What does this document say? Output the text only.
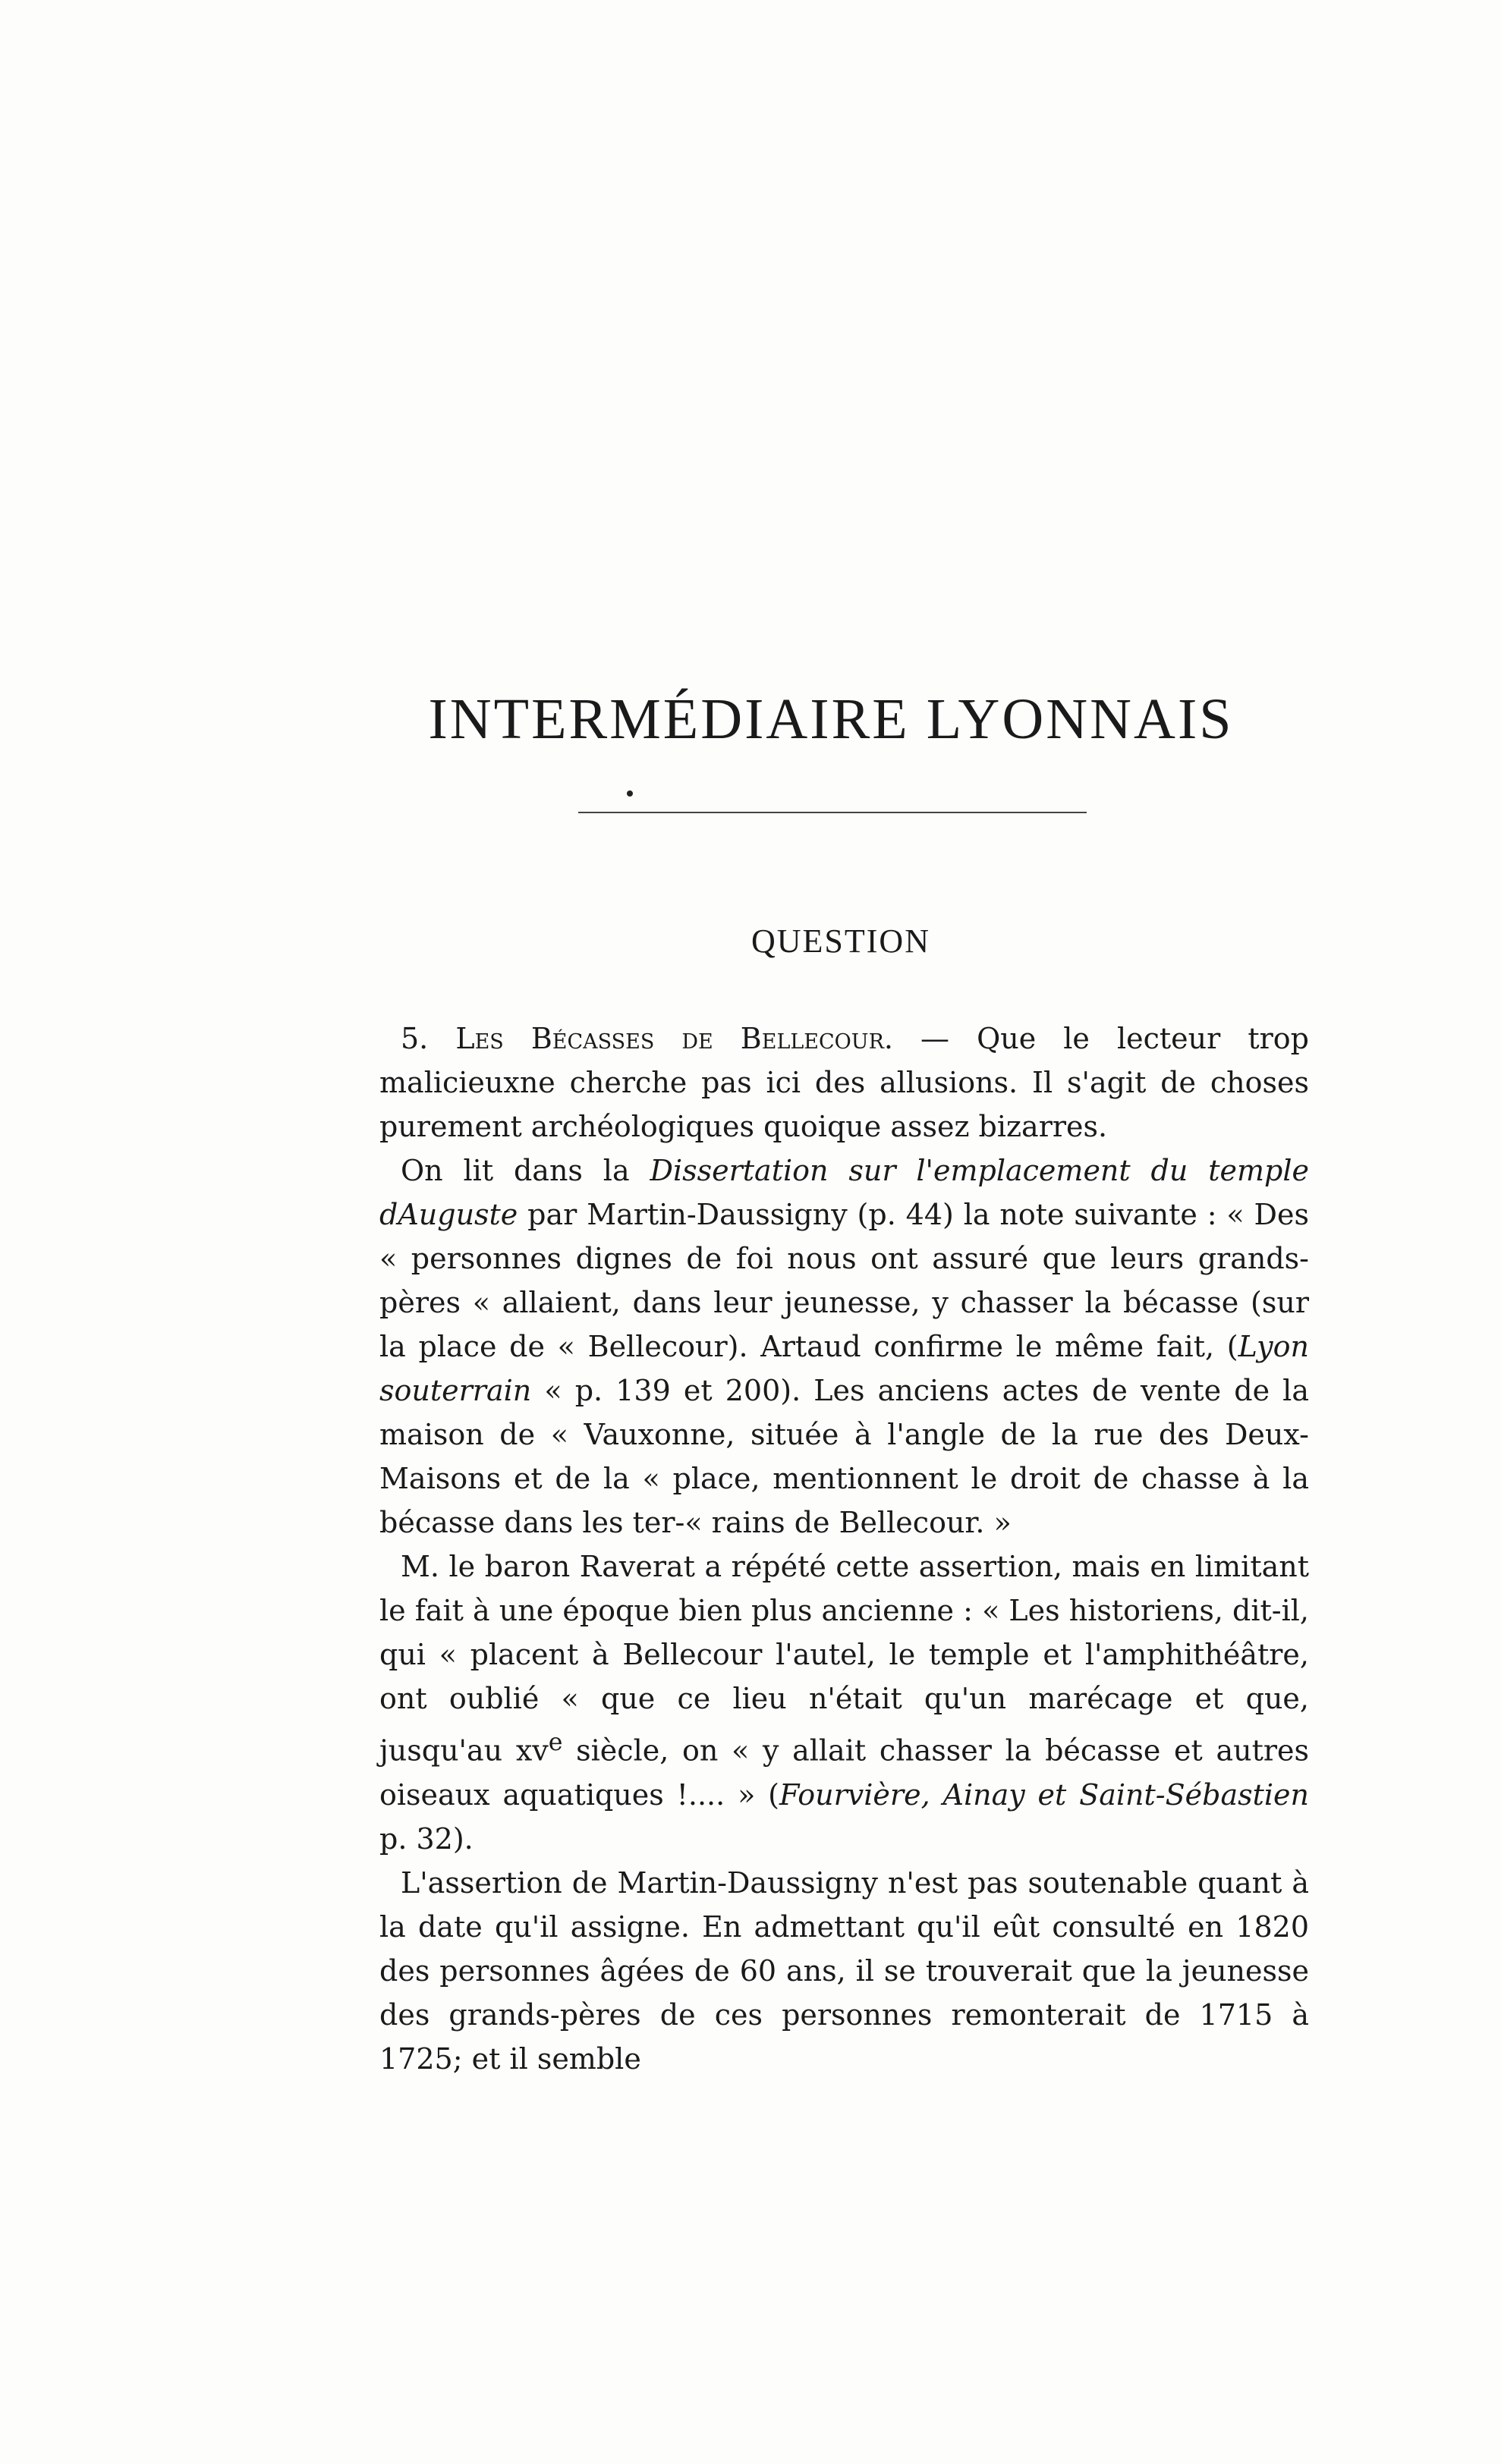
INTERMÉDIAIRE LYONNAIS
QUESTION

5. Les Bécasses de Bellecour. — Que le lecteur trop malicieuxne cherche pas ici des allusions. Il s'agit de choses purement archéologiques quoique assez bizarres.

On lit dans la Dissertation sur l'emplacement du temple dAuguste par Martin-Daussigny (p. 44) la note suivante : « Des « personnes dignes de foi nous ont assuré que leurs grands-pères « allaient, dans leur jeunesse, y chasser la bécasse (sur la place de « Bellecour). Artaud confirme le même fait, (Lyon souterrain « p. 139 et 200). Les anciens actes de vente de la maison de « Vauxonne, située à l'angle de la rue des Deux-Maisons et de la « place, mentionnent le droit de chasse à la bécasse dans les ter-« rains de Bellecour. »

M. le baron Raverat a répété cette assertion, mais en limitant le fait à une époque bien plus ancienne : « Les historiens, dit-il, qui « placent à Bellecour l'autel, le temple et l'amphithéâtre, ont oublié « que ce lieu n'était qu'un marécage et que, jusqu'au $xv^e$ siècle, on « y allait chasser la bécasse et autres oiseaux aquatiques !.... » (Fourvière, Ainay et Saint-Sébastien p. 32).

L'assertion de Martin-Daussigny n'est pas soutenable quant à la date qu'il assigne. En admettant qu'il eût consulté en 1820 des personnes âgées de 60 ans, il se trouverait que la jeunesse des grands-pères de ces personnes remonterait de 1715 à 1725; et il semble
